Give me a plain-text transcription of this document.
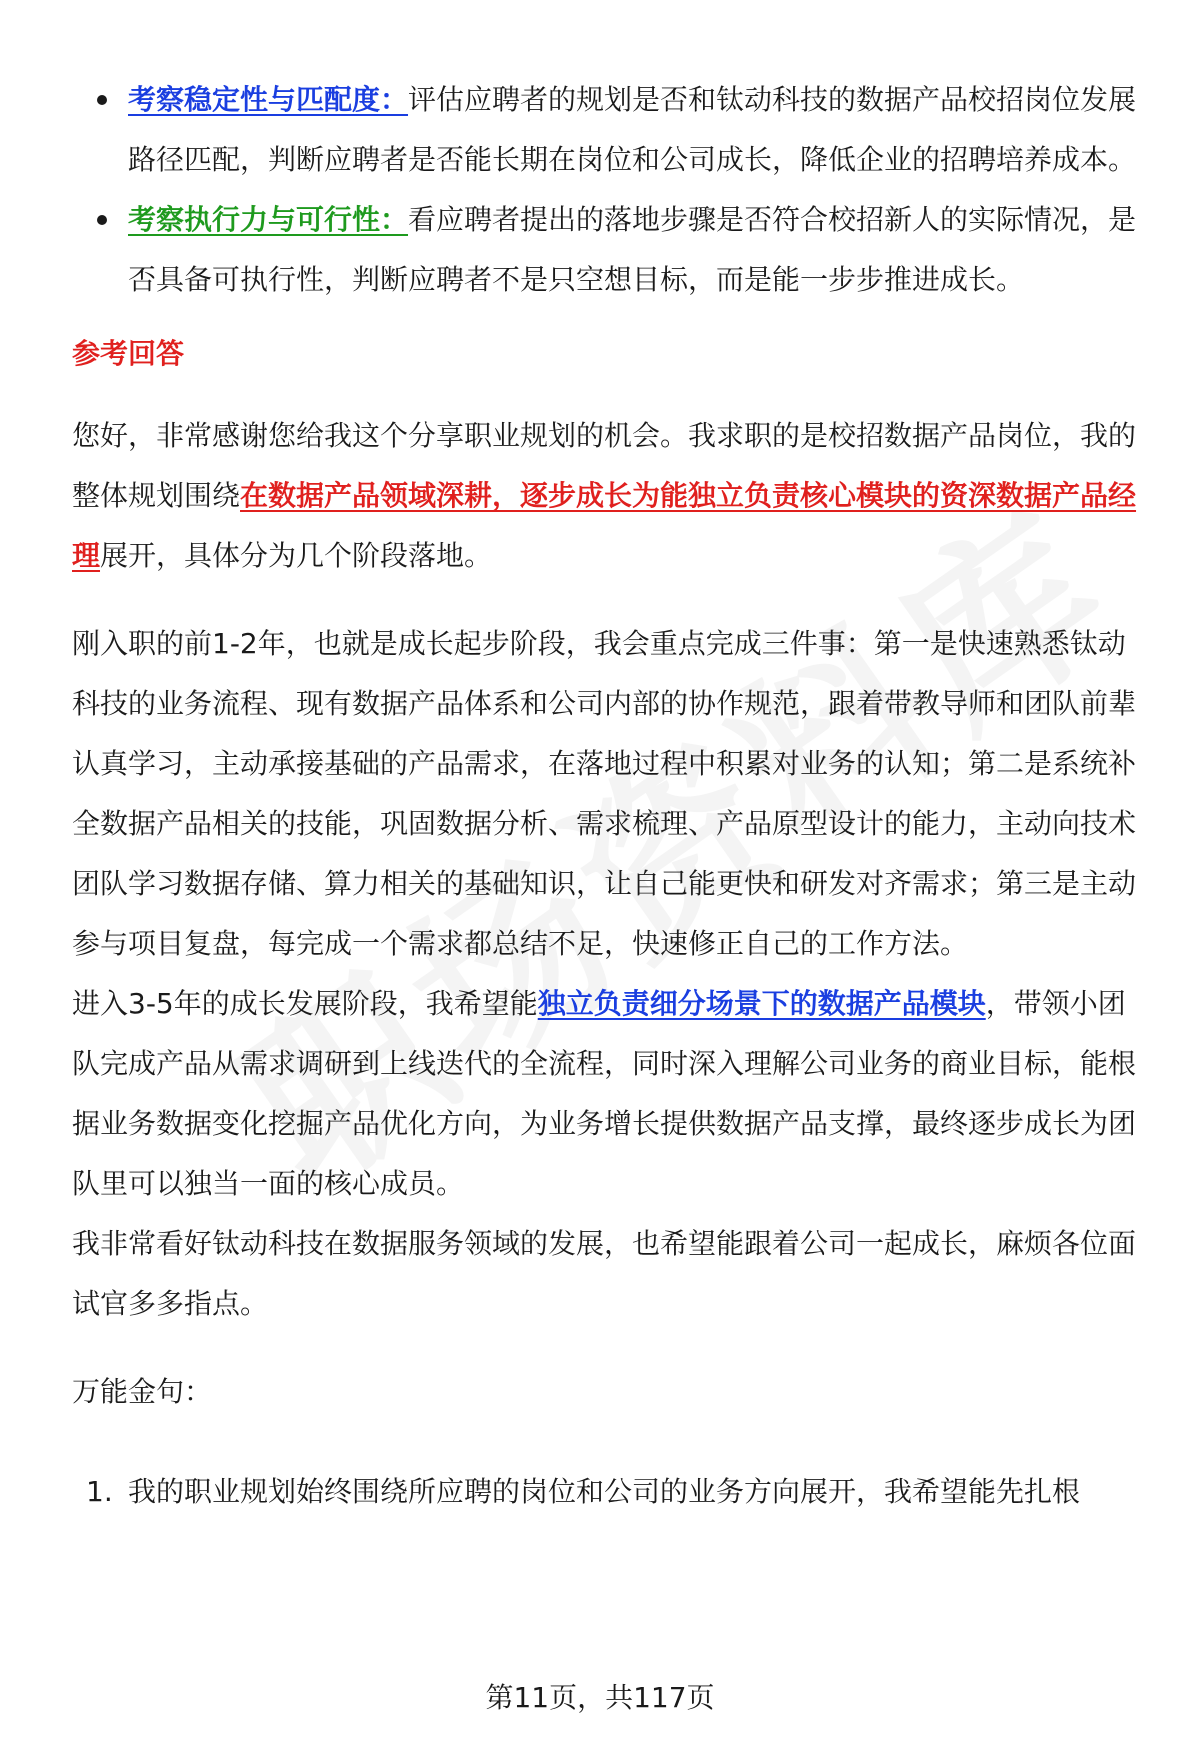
考察稳定性与匹配度：评估应聘者的规划是否和钛动科技的数据产品校招岗位发展路径匹配，判断应聘者是否能长期在岗位和公司成长，降低企业的招聘培养成本。

考察执行力与可行性：看应聘者提出的落地步骤是否符合校招新人的实际情况，是否具备可执行性，判断应聘者不是只空想目标，而是能一步步推进成长。

参考回答

您好，非常感谢您给我这个分享职业规划的机会。我求职的是校招数据产品岗位，我的整体规划围绕在数据产品领域深耕，逐步成长为能独立负责核心模块的资深数据产品经理展开，具体分为几个阶段落地。

刚入职的前1-2年，也就是成长起步阶段，我会重点完成三件事：第一是快速熟悉钛动科技的业务流程、现有数据产品体系和公司内部的协作规范，跟着带教导师和团队前辈认真学习，主动承接基础的产品需求，在落地过程中积累对业务的认知；第二是系统补全数据产品相关的技能，巩固数据分析、需求梳理、产品原型设计的能力，主动向技术团队学习数据存储、算力相关的基础知识，让自己能更快和研发对齐需求；第三是主动参与项目复盘，每完成一个需求都总结不足，快速修正自己的工作方法。

进入3-5年的成长发展阶段，我希望能独立负责细分场景下的数据产品模块，带领小团队完成产品从需求调研到上线迭代的全流程，同时深入理解公司业务的商业目标，能根据业务数据变化挖掘产品优化方向，为业务增长提供数据产品支撑，最终逐步成长为团队里可以独当一面的核心成员。

我非常看好钛动科技在数据服务领域的发展，也希望能跟着公司一起成长，麻烦各位面试官多多指点。

万能金句：

1. 我的职业规划始终围绕所应聘的岗位和公司的业务方向展开，我希望能先扎根

第11页，共117页
